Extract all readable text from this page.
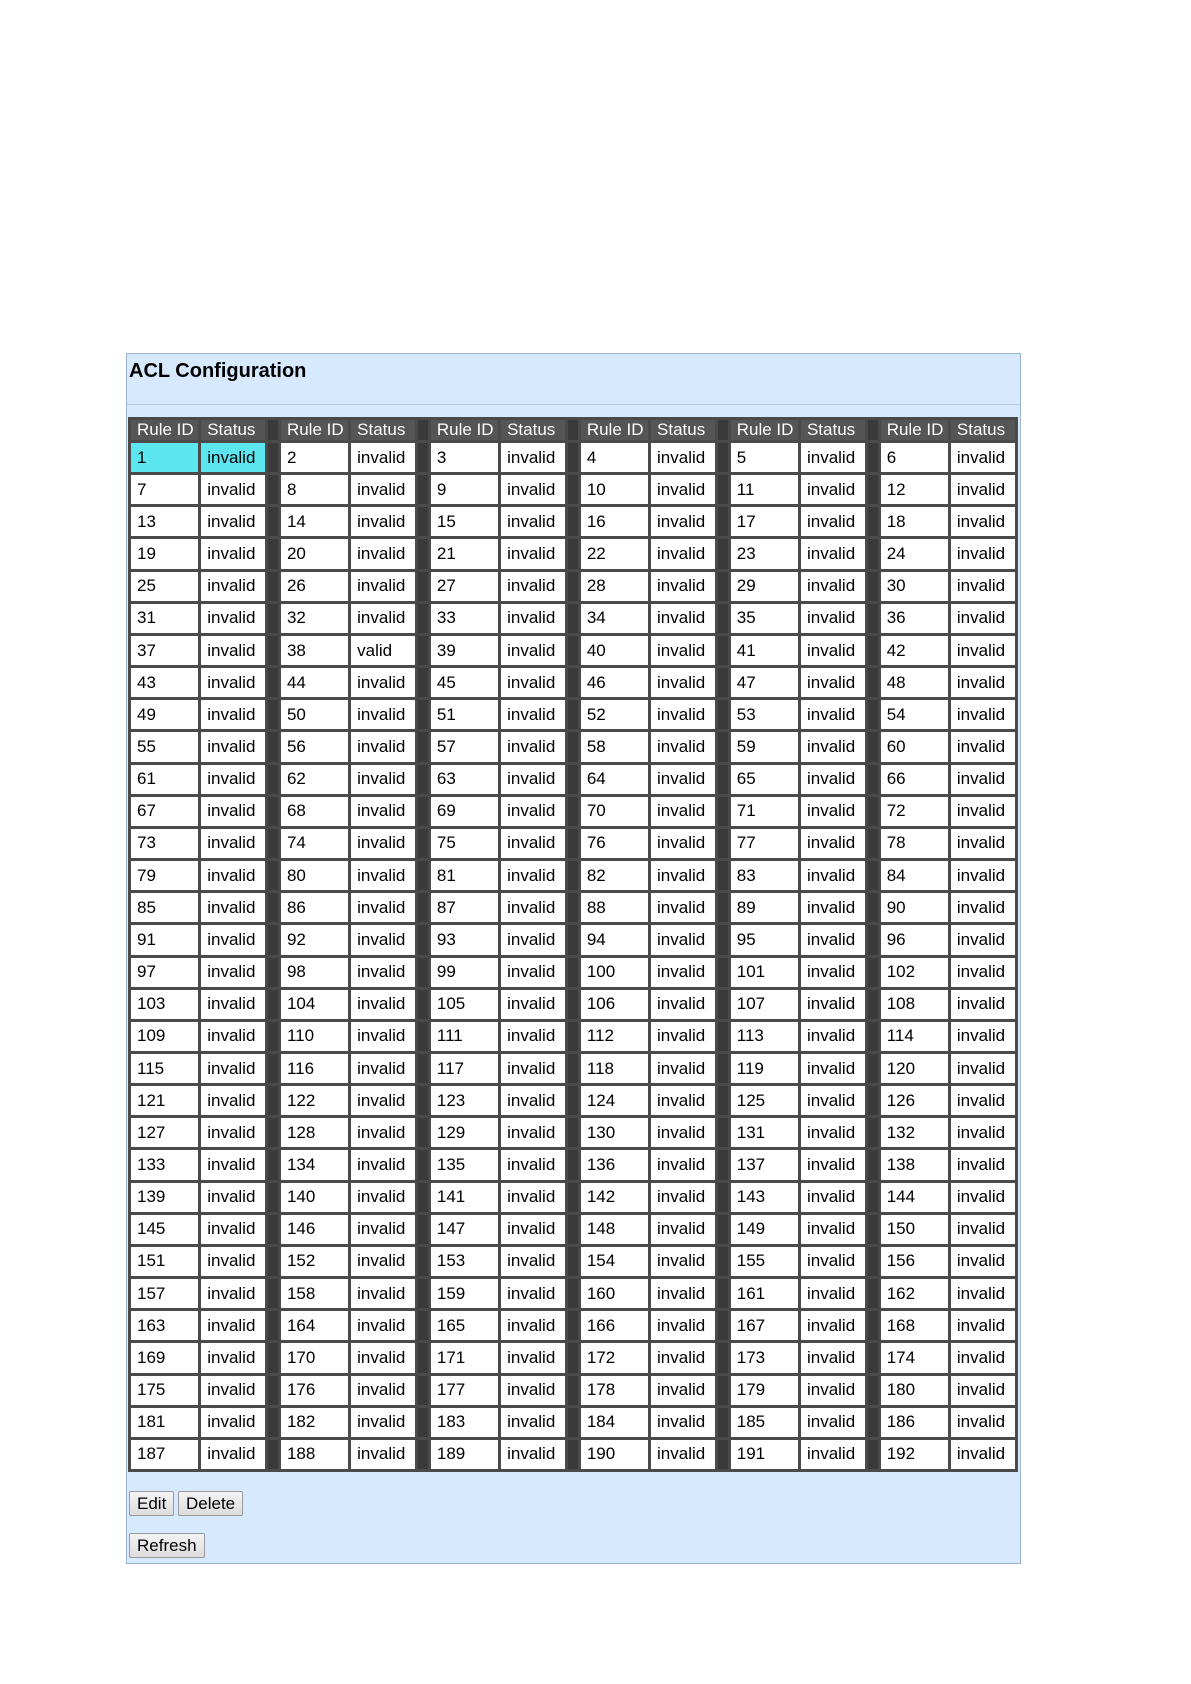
ACL Configuration
Rule ID	Status		Rule ID	Status		Rule ID	Status		Rule ID	Status		Rule ID	Status		Rule ID	Status
1	invalid		2	invalid		3	invalid		4	invalid		5	invalid		6	invalid
7	invalid		8	invalid		9	invalid		10	invalid		11	invalid		12	invalid
13	invalid		14	invalid		15	invalid		16	invalid		17	invalid		18	invalid
19	invalid		20	invalid		21	invalid		22	invalid		23	invalid		24	invalid
25	invalid		26	invalid		27	invalid		28	invalid		29	invalid		30	invalid
31	invalid		32	invalid		33	invalid		34	invalid		35	invalid		36	invalid
37	invalid		38	valid		39	invalid		40	invalid		41	invalid		42	invalid
43	invalid		44	invalid		45	invalid		46	invalid		47	invalid		48	invalid
49	invalid		50	invalid		51	invalid		52	invalid		53	invalid		54	invalid
55	invalid		56	invalid		57	invalid		58	invalid		59	invalid		60	invalid
61	invalid		62	invalid		63	invalid		64	invalid		65	invalid		66	invalid
67	invalid		68	invalid		69	invalid		70	invalid		71	invalid		72	invalid
73	invalid		74	invalid		75	invalid		76	invalid		77	invalid		78	invalid
79	invalid		80	invalid		81	invalid		82	invalid		83	invalid		84	invalid
85	invalid		86	invalid		87	invalid		88	invalid		89	invalid		90	invalid
91	invalid		92	invalid		93	invalid		94	invalid		95	invalid		96	invalid
97	invalid		98	invalid		99	invalid		100	invalid		101	invalid		102	invalid
103	invalid		104	invalid		105	invalid		106	invalid		107	invalid		108	invalid
109	invalid		110	invalid		111	invalid		112	invalid		113	invalid		114	invalid
115	invalid		116	invalid		117	invalid		118	invalid		119	invalid		120	invalid
121	invalid		122	invalid		123	invalid		124	invalid		125	invalid		126	invalid
127	invalid		128	invalid		129	invalid		130	invalid		131	invalid		132	invalid
133	invalid		134	invalid		135	invalid		136	invalid		137	invalid		138	invalid
139	invalid		140	invalid		141	invalid		142	invalid		143	invalid		144	invalid
145	invalid		146	invalid		147	invalid		148	invalid		149	invalid		150	invalid
151	invalid		152	invalid		153	invalid		154	invalid		155	invalid		156	invalid
157	invalid		158	invalid		159	invalid		160	invalid		161	invalid		162	invalid
163	invalid		164	invalid		165	invalid		166	invalid		167	invalid		168	invalid
169	invalid		170	invalid		171	invalid		172	invalid		173	invalid		174	invalid
175	invalid		176	invalid		177	invalid		178	invalid		179	invalid		180	invalid
181	invalid		182	invalid		183	invalid		184	invalid		185	invalid		186	invalid
187	invalid		188	invalid		189	invalid		190	invalid		191	invalid		192	invalid
Edit	Delete
Refresh
